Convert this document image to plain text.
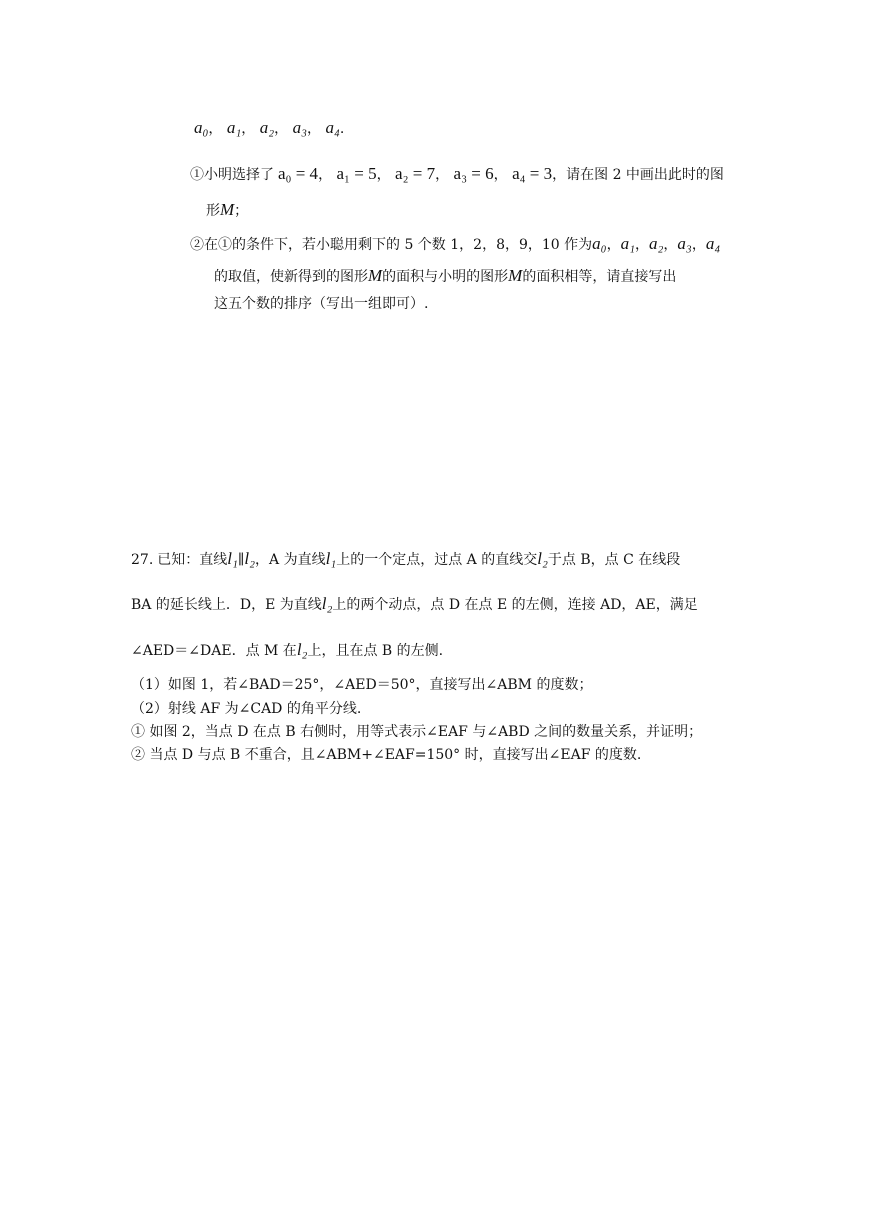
a₀， a₁， a₂， a₃， a₄.
①小明选择了 a₀ = 4， a₁ = 5， a₂ = 7， a₃ = 6， a₄ = 3，请在图 2 中画出此时的图
形M；
②在①的条件下，若小聪用剩下的 5 个数 1，2，8，9，10 作为a₀，a₁，a₂，a₃，a₄
的取值，使新得到的图形M的面积与小明的图形M的面积相等，请直接写出
这五个数的排序（写出一组即可）.
27. 已知：直线l₁∥l₂，A 为直线l₁上的一个定点，过点 A 的直线交l₂于点 B，点 C 在线段
BA 的延长线上．D，E 为直线l₂上的两个动点，点 D 在点 E 的左侧，连接 AD，AE，满足
∠AED＝∠DAE．点 M 在l₂上，且在点 B 的左侧.
（1）如图 1，若∠BAD＝25°，∠AED＝50°，直接写出∠ABM 的度数；
（2）射线 AF 为∠CAD 的角平分线.
① 如图 2，当点 D 在点 B 右侧时，用等式表示∠EAF 与∠ABD 之间的数量关系，并证明；
② 当点 D 与点 B 不重合，且∠ABM+∠EAF=150° 时，直接写出∠EAF 的度数.
